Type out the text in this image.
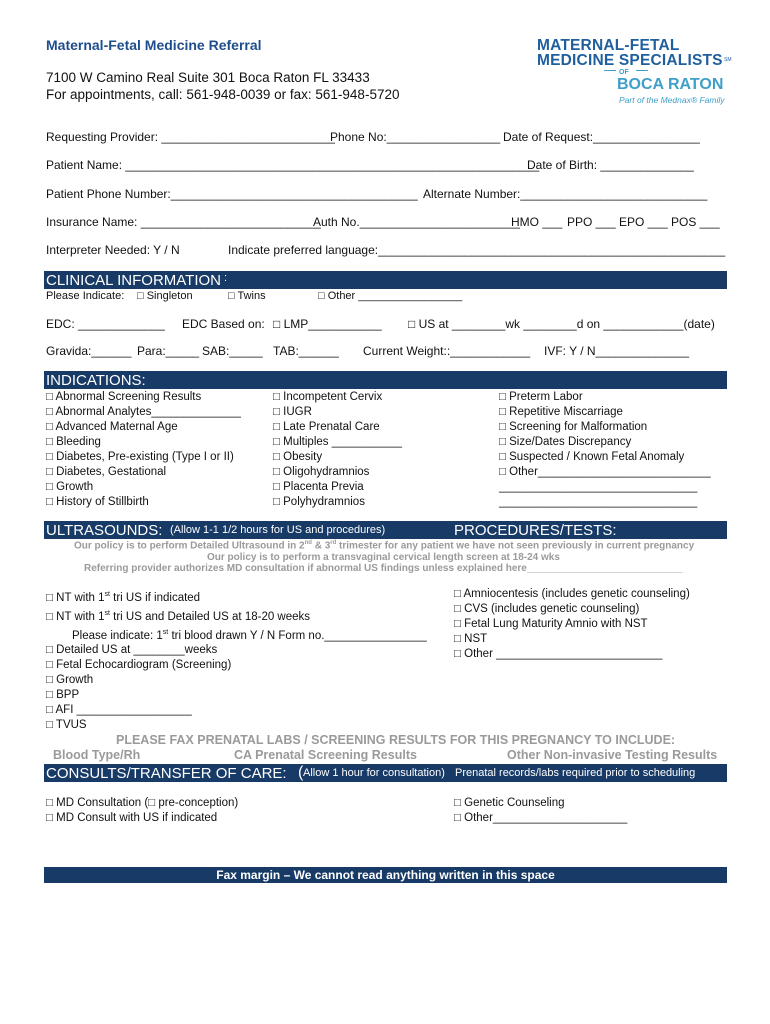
Maternal-Fetal Medicine Referral
7100 W Camino Real Suite 301 Boca Raton FL 33433
For appointments, call: 561-948-0039 or fax: 561-948-5720
MATERNAL-FETAL
MEDICINE SPECIALISTS SM
OF
BOCA RATON
Part of the Mednax® Family
Requesting Provider: __________________________
Phone No:_________________ Date of Request:________________
Patient Name: ______________________________________________________________
Date of Birth: ______________
Patient Phone Number:_____________________________________ Alternate Number:____________________________
Insurance Name: ___________________________
Auth No.________________________
HMO ___ PPO ___ EPO ___ POS ___
Interpreter Needed: Y / N	Indicate preferred language:____________________________________________________
CLINICAL INFORMATION :
Please Indicate: □ Singleton	□ Twins	□ Other _________________
EDC: _____________ EDC Based on: □ LMP___________ □ US at ________wk ________d on ____________(date)
Gravida:______ Para:_____ SAB:_____ TAB:______ Current Weight::____________ IVF: Y / N______________
INDICATIONS:
□ Abnormal Screening Results
□ Abnormal Analytes______________
□ Advanced Maternal Age
□ Bleeding
□ Diabetes, Pre-existing (Type I or II)
□ Diabetes, Gestational
□ Growth
□ History of Stillbirth
□ Incompetent Cervix
□ IUGR
□ Late Prenatal Care
□ Multiples ___________
□ Obesity
□ Oligohydramnios
□ Placenta Previa
□ Polyhydramnios
□ Preterm Labor
□ Repetitive Miscarriage
□ Screening for Malformation
□ Size/Dates Discrepancy
□ Suspected / Known Fetal Anomaly
□ Other___________________________
_______________________________
_______________________________
ULTRASOUNDS: (Allow 1-1 1/2 hours for US and procedures)	PROCEDURES/TESTS:
Our policy is to perform Detailed Ultrasound in 2nd & 3rd trimester for any patient we have not seen previously in current pregnancy
Our policy is to perform a transvaginal cervical length screen at 18-24 wks
Referring provider authorizes MD consultation if abnormal US findings unless explained here____________________________
□ NT with 1st tri US if indicated
□ NT with 1st tri US and Detailed US at 18-20 weeks
Please indicate: 1st tri blood drawn Y / N Form no.________________
□ Detailed US at ________weeks
□ Fetal Echocardiogram (Screening)
□ Growth
□ BPP
□ AFI __________________
□ TVUS
□ Amniocentesis (includes genetic counseling)
□ CVS (includes genetic counseling)
□ Fetal Lung Maturity Amnio with NST
□ NST
□ Other __________________________
PLEASE FAX PRENATAL LABS / SCREENING RESULTS FOR THIS PREGNANCY TO INCLUDE:
Blood Type/Rh	CA Prenatal Screening Results	Other Non-invasive Testing Results
CONSULTS/TRANSFER OF CARE: ( Allow 1 hour for consultation) Prenatal records/labs required prior to scheduling
□ MD Consultation (□ pre-conception)
□ MD Consult with US if indicated
□ Genetic Counseling
□ Other_____________________
Fax margin – We cannot read anything written in this space
